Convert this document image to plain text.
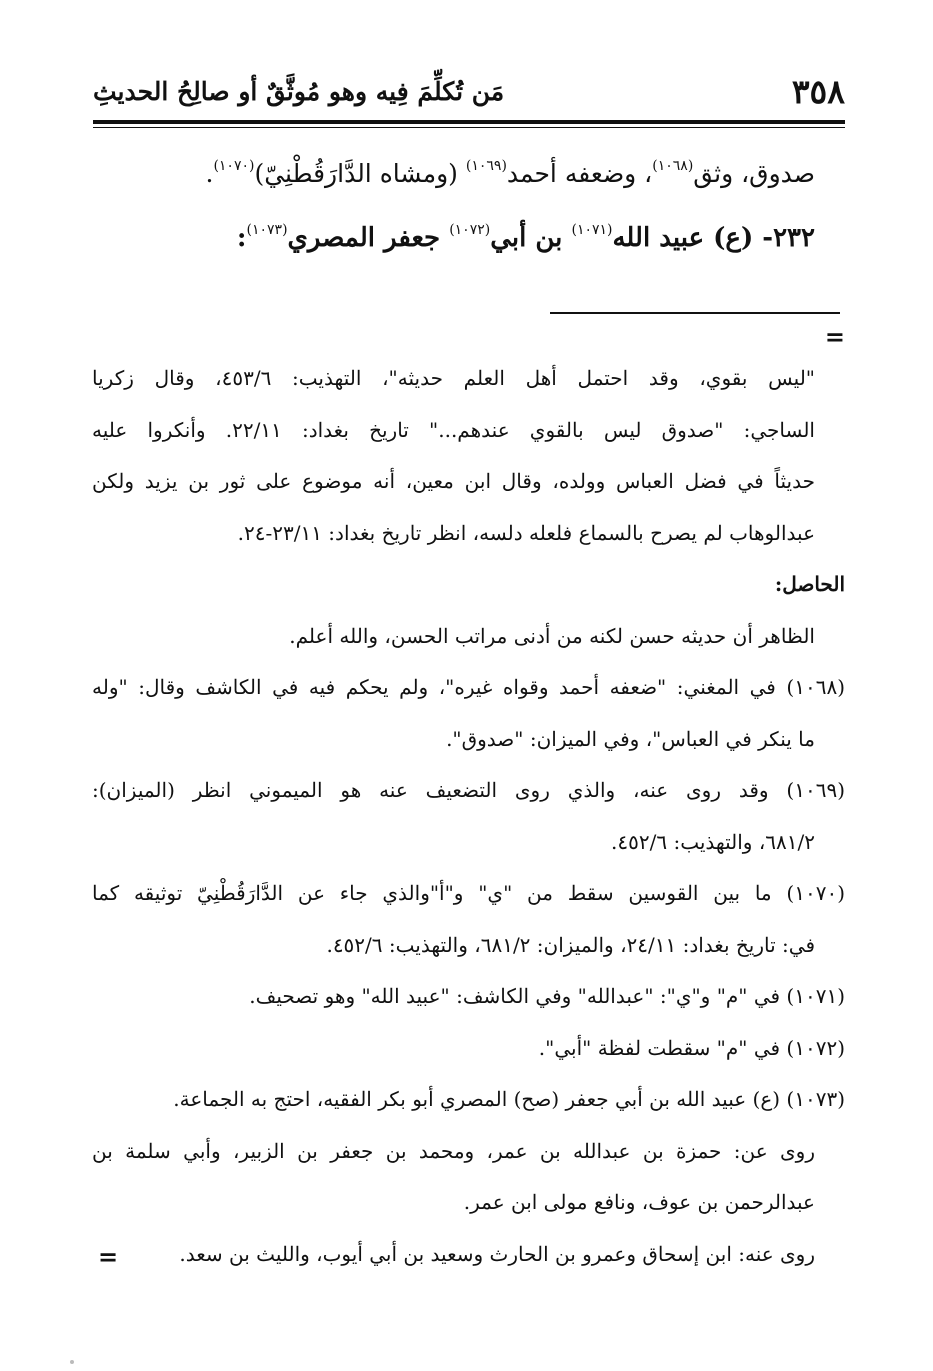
٣٥٨
مَن تُكلِّمَ فِيه وهو مُوثَّقٌ أو صالِحُ الحديثِ
صدوق، وثق$^{(١٠٦٨)}$، وضعفه أحمد$^{(١٠٦٩)}$ (ومشاه الدَّارَقُطْنِيّ)$^{(١٠٧٠)}$.
٢٣٢- (ع) عبيد الله$^{(١٠٧١)}$ بن أبي$^{(١٠٧٢)}$ جعفر المصري$^{(١٠٧٣)}$:
=
"ليس بقوي، وقد احتمل أهل العلم حديثه"، التهذيب: ٤٥٣/٦، وقال زكريا
الساجي: "صدوق ليس بالقوي عندهم..." تاريخ بغداد: ٢٢/١١. وأنكروا عليه
حديثاً في فضل العباس وولده، وقال ابن معين، أنه موضوع على ثور بن يزيد ولكن
عبدالوهاب لم يصرح بالسماع فلعله دلسه، انظر تاريخ بغداد: ٢٣/١١-٢٤.
الحاصل:
الظاهر أن حديثه حسن لكنه من أدنى مراتب الحسن، والله أعلم.
(١٠٦٨) في المغني: "ضعفه أحمد وقواه غيره"، ولم يحكم فيه في الكاشف وقال: "وله
ما ينكر في العباس"، وفي الميزان: "صدوق".
(١٠٦٩) وقد روى عنه، والذي روى التضعيف عنه هو الميموني انظر (الميزان):
٦٨١/٢، والتهذيب: ٤٥٢/٦.
(١٠٧٠) ما بين القوسين سقط من "ي" و"أ"والذي جاء عن الدَّارَقُطْنِيّ توثيقه كما
في: تاريخ بغداد: ٢٤/١١، والميزان: ٦٨١/٢، والتهذيب: ٤٥٢/٦.
(١٠٧١) في "م" و"ي": "عبدالله" وفي الكاشف: "عبيد الله" وهو تصحيف.
(١٠٧٢) في "م" سقطت لفظة "أبي".
(١٠٧٣) (ع) عبيد الله بن أبي جعفر (صح) المصري أبو بكر الفقيه، احتج به الجماعة.
روى عن: حمزة بن عبدالله بن عمر، ومحمد بن جعفر بن الزبير، وأبي سلمة بن
عبدالرحمن بن عوف، ونافع مولى ابن عمر.
روى عنه: ابن إسحاق وعمرو بن الحارث وسعيد بن أبي أيوب، والليث بن سعد.
=
